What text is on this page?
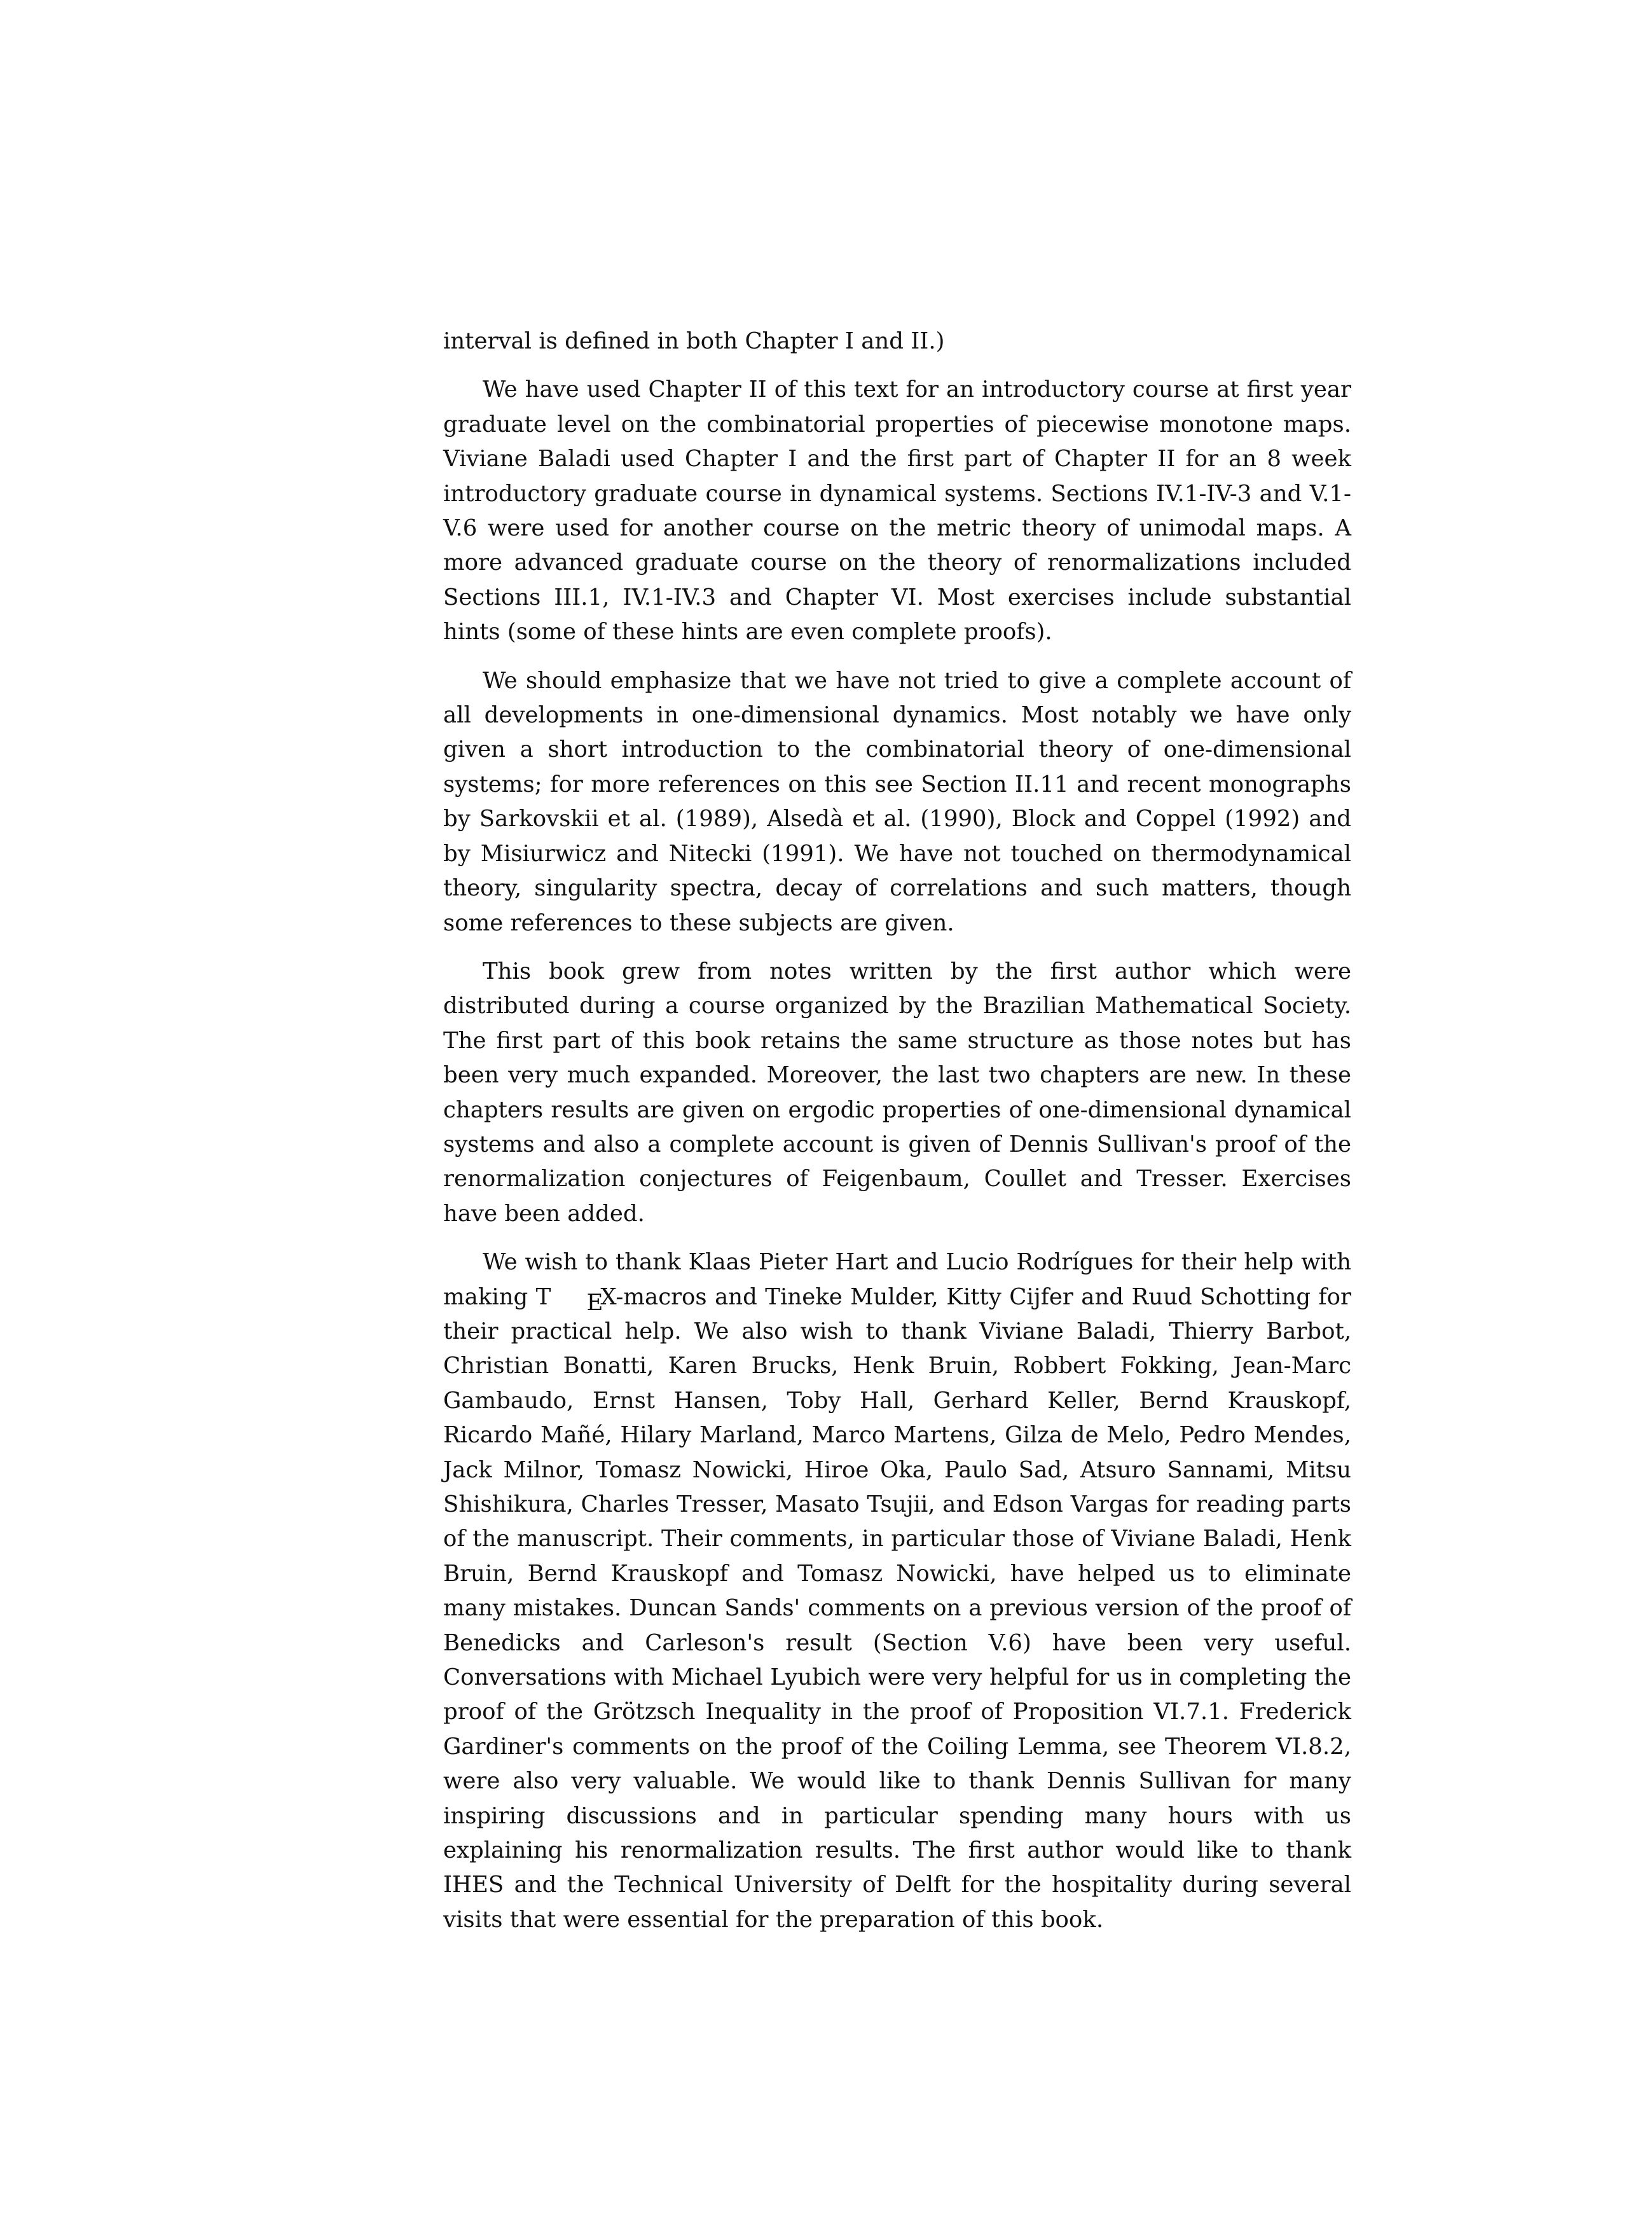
interval is defined in both Chapter I and II.)

We have used Chapter II of this text for an introductory course at first year graduate level on the combinatorial properties of piecewise monotone maps. Viviane Baladi used Chapter I and the first part of Chapter II for an 8 week introductory graduate course in dynamical systems. Sections IV.1-IV-3 and V.1-V.6 were used for another course on the metric theory of unimodal maps. A more advanced graduate course on the theory of renormalizations included Sections III.1, IV.1-IV.3 and Chapter VI. Most exercises include substantial hints (some of these hints are even complete proofs).

We should emphasize that we have not tried to give a complete account of all developments in one-dimensional dynamics. Most notably we have only given a short introduction to the combinatorial theory of one-dimensional systems; for more references on this see Section II.11 and recent monographs by Sarkovskii et al. (1989), Alsedà et al. (1990), Block and Coppel (1992) and by Misiurwicz and Nitecki (1991). We have not touched on thermodynamical theory, singularity spectra, decay of correlations and such matters, though some references to these subjects are given.

This book grew from notes written by the first author which were distributed during a course organized by the Brazilian Mathematical Society. The first part of this book retains the same structure as those notes but has been very much expanded. Moreover, the last two chapters are new. In these chapters results are given on ergodic properties of one-dimensional dynamical systems and also a complete account is given of Dennis Sullivan's proof of the renormalization conjectures of Feigenbaum, Coullet and Tresser. Exercises have been added.

We wish to thank Klaas Pieter Hart and Lucio Rodrígues for their help with making T EX-macros and Tineke Mulder, Kitty Cijfer and Ruud Schotting for their practical help. We also wish to thank Viviane Baladi, Thierry Barbot, Christian Bonatti, Karen Brucks, Henk Bruin, Robbert Fokking, Jean-Marc Gambaudo, Ernst Hansen, Toby Hall, Gerhard Keller, Bernd Krauskopf, Ricardo Mañé, Hilary Marland, Marco Martens, Gilza de Melo, Pedro Mendes, Jack Milnor, Tomasz Nowicki, Hiroe Oka, Paulo Sad, Atsuro Sannami, Mitsu Shishikura, Charles Tresser, Masato Tsujii, and Edson Vargas for reading parts of the manuscript. Their comments, in particular those of Viviane Baladi, Henk Bruin, Bernd Krauskopf and Tomasz Nowicki, have helped us to eliminate many mistakes. Duncan Sands' comments on a previous version of the proof of Benedicks and Carleson's result (Section V.6) have been very useful. Conversations with Michael Lyubich were very helpful for us in completing the proof of the Grötzsch Inequality in the proof of Proposition VI.7.1. Frederick Gardiner's comments on the proof of the Coiling Lemma, see Theorem VI.8.2, were also very valuable. We would like to thank Dennis Sullivan for many inspiring discussions and in particular spending many hours with us explaining his renormalization results. The first author would like to thank IHES and the Technical University of Delft for the hospitality during several visits that were essential for the preparation of this book.
